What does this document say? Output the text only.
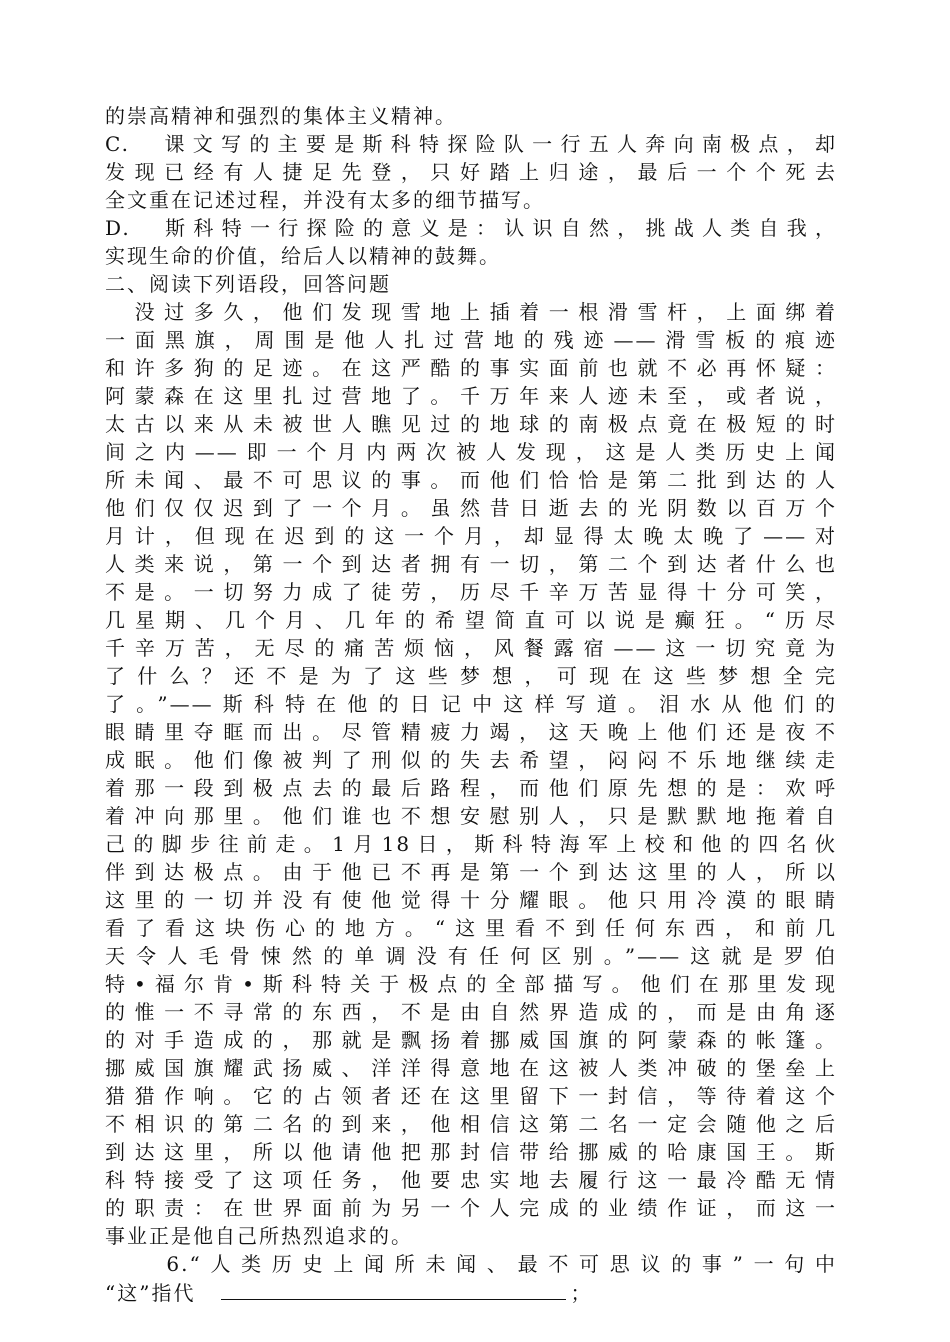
的崇高精神和强烈的集体主义精神。
C.　课文写的主要是斯科特探险队一行五人奔向南极点，却
发现已经有人捷足先登，只好踏上归途，最后一个个死去
全文重在记述过程，并没有太多的细节描写。
D.　斯科特一行探险的意义是：认识自然，挑战人类自我，
实现生命的价值，给后人以精神的鼓舞。
二、阅读下列语段，回答问题
　没过多久，他们发现雪地上插着一根滑雪杆，上面绑着
一面黑旗，周围是他人扎过营地的残迹——滑雪板的痕迹
和许多狗的足迹。在这严酷的事实面前也就不必再怀疑：
阿蒙森在这里扎过营地了。千万年来人迹未至，或者说，
太古以来从未被世人瞧见过的地球的南极点竟在极短的时
间之内——即一个月内两次被人发现，这是人类历史上闻
所未闻、最不可思议的事。而他们恰恰是第二批到达的人
他们仅仅迟到了一个月。虽然昔日逝去的光阴数以百万个
月计，但现在迟到的这一个月，却显得太晚太晚了——对
人类来说，第一个到达者拥有一切，第二个到达者什么也
不是。一切努力成了徒劳，历尽千辛万苦显得十分可笑，
几星期、几个月、几年的希望简直可以说是癫狂。“历尽
千辛万苦，无尽的痛苦烦恼，风餐露宿——这一切究竟为
了什么？还不是为了这些梦想，可现在这些梦想全完
了。”——斯科特在他的日记中这样写道。泪水从他们的
眼睛里夺眶而出。尽管精疲力竭，这天晚上他们还是夜不
成眠。他们像被判了刑似的失去希望，闷闷不乐地继续走
着那一段到极点去的最后路程，而他们原先想的是：欢呼
着冲向那里。他们谁也不想安慰别人，只是默默地拖着自
己的脚步往前走。1月18日，斯科特海军上校和他的四名伙
伴到达极点。由于他已不再是第一个到达这里的人，所以
这里的一切并没有使他觉得十分耀眼。他只用冷漠的眼睛
看了看这块伤心的地方。“这里看不到任何东西，和前几
天令人毛骨悚然的单调没有任何区别。”——这就是罗伯
特•福尔肯•斯科特关于极点的全部描写。他们在那里发现
的惟一不寻常的东西，不是由自然界造成的，而是由角逐
的对手造成的，那就是飘扬着挪威国旗的阿蒙森的帐篷。
挪威国旗耀武扬威、洋洋得意地在这被人类冲破的堡垒上
猎猎作响。它的占领者还在这里留下一封信，等待着这个
不相识的第二名的到来，他相信这第二名一定会随他之后
到达这里，所以他请他把那封信带给挪威的哈康国王。斯
科特接受了这项任务，他要忠实地去履行这一最冷酷无情
的职责：在世界面前为另一个人完成的业绩作证，而这一
事业正是他自己所热烈追求的。
　　6.“人类历史上闻所未闻、最不可思议的事”一句中
“这”指代	；
